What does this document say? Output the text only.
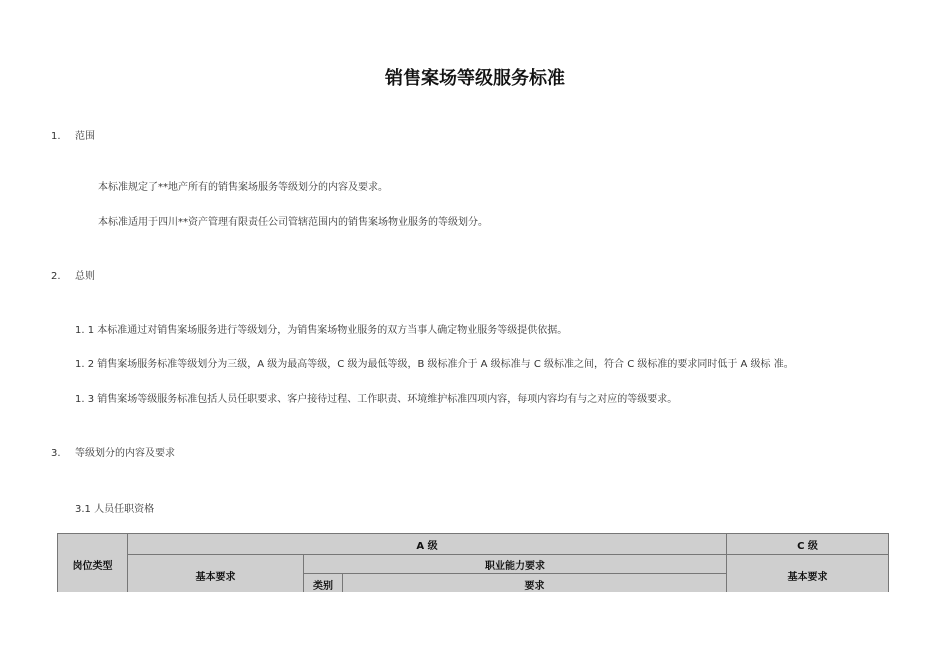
销售案场等级服务标准
1. 范围
本标准规定了**地产所有的销售案场服务等级划分的内容及要求。
本标准适用于四川**资产管理有限责任公司管辖范围内的销售案场物业服务的等级划分。
2. 总则
1. 1 本标准通过对销售案场服务进行等级划分，为销售案场物业服务的双方当事人确定物业服务等级提供依据。
1. 2 销售案场服务标准等级划分为三级，A 级为最高等级，C 级为最低等级，B 级标准介于 A 级标准与 C 级标准之间，符合 C 级标准的要求同时低于 A 级标 准。
1. 3 销售案场等级服务标准包括人员任职要求、客户接待过程、工作职责、环境维护标准四项内容，每项内容均有与之对应的等级要求。
3. 等级划分的内容及要求
3.1 人员任职资格
岗位类型	A 级			C 级
	基本要求	职业能力要求		基本要求
		类别	要求	
